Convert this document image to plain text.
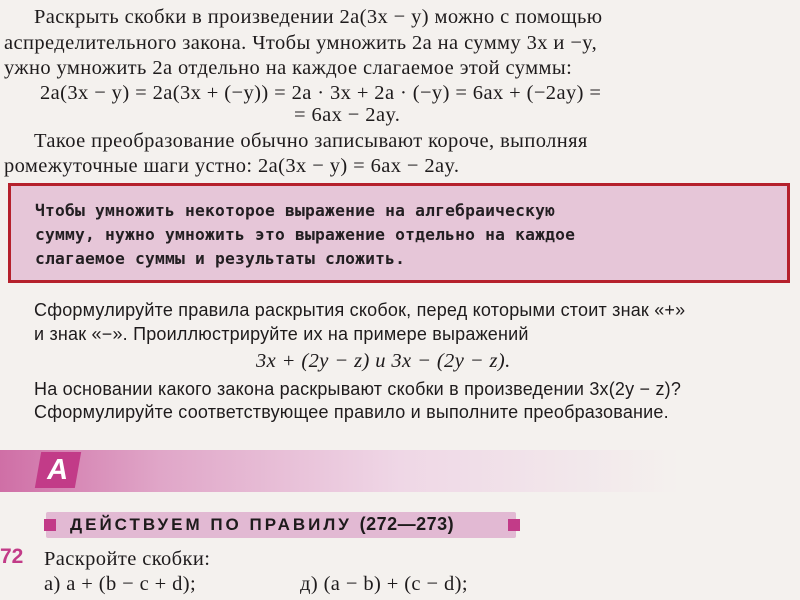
Раскрыть скобки в произведении 2a(3x − y) можно с помощью
аспределительного закона. Чтобы умножить 2a на сумму 3x и −y,
ужно умножить 2a отдельно на каждое слагаемое этой суммы:
2a(3x − y) = 2a(3x + (−y)) = 2a · 3x + 2a · (−y) = 6ax + (−2ay) =
= 6ax − 2ay.
Такое преобразование обычно записывают короче, выполняя
ромежуточные шаги устно: 2a(3x − y) = 6ax − 2ay.
Чтобы умножить некоторое выражение на алгебраическую
сумму, нужно умножить это выражение отдельно на каждое
слагаемое суммы и результаты сложить.
Сформулируйте правила раскрытия скобок, перед которыми стоит знак «+»
и знак «−». Проиллюстрируйте их на примере выражений
3x + (2y − z) и 3x − (2y − z).
На основании какого закона раскрывают скобки в произведении 3x(2y − z)?
Сформулируйте соответствующее правило и выполните преобразование.
А
ДЕЙСТВУЕМ ПО ПРАВИЛУ (272—273)
72 Раскройте скобки:
а) a + (b − c + d);	д) (a − b) + (c − d);
